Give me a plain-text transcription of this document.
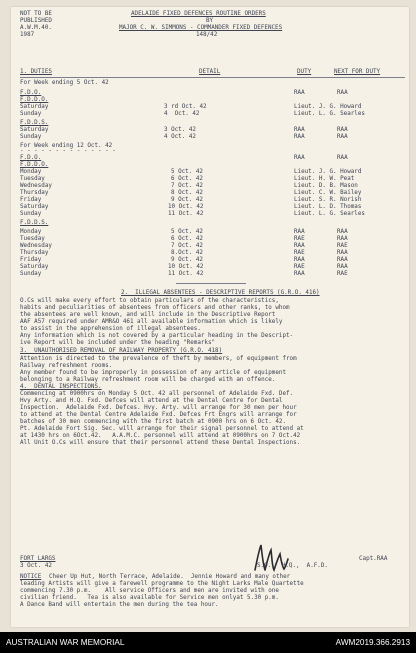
NOT TO BE
PUBLISHED
A.W.M.40.
1987
ADELAIDE FIXED DEFENCES ROUTINE ORDERS
BY
MAJOR C. W. SIMMONS - COMMANDER FIXED DEFENCES
148/42
1. DUTIES	DETAIL	DUTY	NEXT FOR DUTY
For Week ending 5 Oct. 42
F.D.O.	RAA	RAA
F.D.D.O.
Saturday	3 rd Oct. 42	Lieut. J. G. Howard
Sunday	4  Oct. 42	Lieut. L. G. Searles
F.D.D.S.
Saturday	3 Oct. 42	RAA	RAA
Sunday	4 Oct. 42	RAA	RAA
For Week ending 12 Oct. 42
- - - - - - - - - - - - - -
F.D.O.	RAA	RAA
F.D.D.O.
Monday	5 Oct. 42	Lieut. J. G. Howard
Tuesday	6 Oct. 42	Lieut. H. W. Peat
Wednesday	7 Oct. 42	Lieut. D. B. Mason
Thursday	8 Oct. 42	Lieut. C. W. Bailey
Friday	9 Oct. 42	Lieut. S. R. Norish
Saturday	10 Oct. 42	Lieut. L. D. Thomas
Sunday	11 Oct. 42	Lieut. L. G. Searles
F.D.D.S.
Monday	5 Oct. 42	RAA	RAA
Tuesday	6 Oct. 42	RAE	RAA
Wednesday	7 Oct. 42	RAA	RAE
Thursday	8.Oct. 42	RAE	RAA
Friday	9 Oct. 42	RAA	RAA
Saturday	10 Oct. 42	RAE	RAA
Sunday	11 Oct. 42	RAA	RAE
2.  ILLEGAL ABSENTEES - DESCRIPTIVE REPORTS (G.R.O. 416)
O.Cs will make every effort to obtain particulars of the characteristics,
habits and peculiarities of absentees from officers and other ranks, to whom
the absentees are well known, and will include in the Descriptive Report
AAF A57 required under AMR&O 461 all available information which is likely
to assist in the apprehension of illegal absentees.
Any information which is not covered by a particular heading in the Descript-
ive Report will be included under the heading "Remarks"
3.  UNAUTHORISED REMOVAL OF RAILWAY PROPERTY (G.R.O. 418)
Attention is directed to the prevalence of theft by members, of equipment from
Railway refreshment rooms.
Any member found to be improperly in possession of any article of equipment
belonging to a Railway refreshment room will be charged with an offence.
4.  DENTAL INSPECTIONS.
Commencing at 0900hrs on Monday 5 Oct. 42 all personnel of Adelaide Fxd. Def.
Hvy Arty. and H.Q. Fxd. Defces will attend at the Dental Centre for Dental
Inspection.  Adelaide Fxd. Defces. Hvy. Arty. will arrange for 30 men per hour
to attend at the Dental Centre Adelaide Fxd. Defces Frt Engrs will arrange for
batches of 30 men commencing with the first batch at 0900 hrs on 6 Oct. 42.
Pt. Adelaide Fort Sig. Sec. will arrange for their signal personnel to attend at
at 1430 hrs on 6Oct.42.   A.A.M.C. personnel will attend at 0900hrs on 7 Oct.42
All Unit O.Cs will ensure that their personnel attend these Dental Inspections.
FORT LARGS
3 Oct. 42	S.O.,  H.Q.,  A.F.D.
Capt.RAA
NOTICE Cheer Up Hut, North Terrace, Adelaide.  Jennie Howard and many other
leading Artists will give a farewell programme to the Night Larks Male Quartette
commencing 7.30 p.m.    All service Officers and men are invited with one
civilian friend.   Tea is also available for Service men onlyat 5.30 p.m.
A Dance Band will entertain the men during the tea hour.
AUSTRALIAN WAR MEMORIAL	AWM2019.366.2913
